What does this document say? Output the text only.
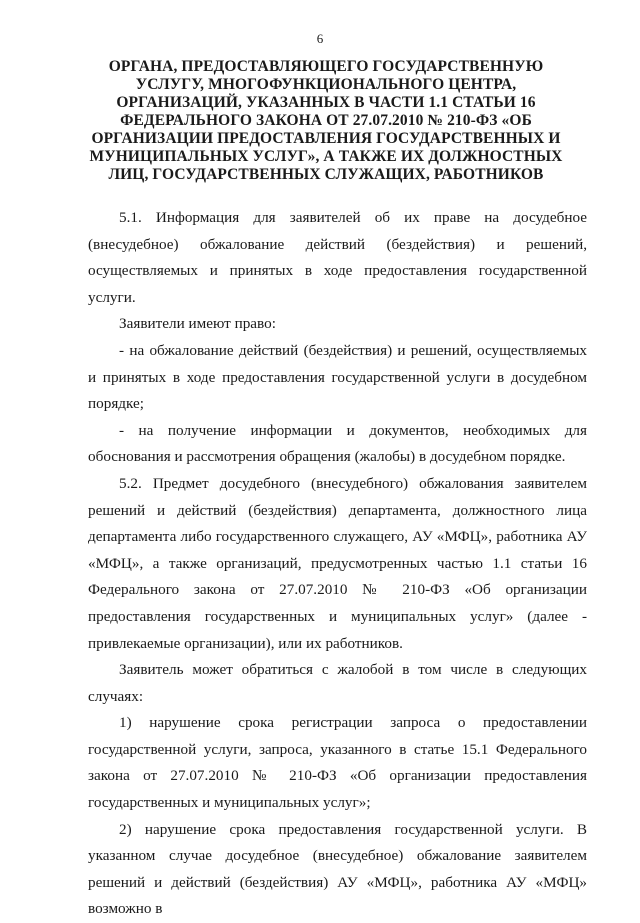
6
ОРГАНА, ПРЕДОСТАВЛЯЮЩЕГО ГОСУДАРСТВЕННУЮ УСЛУГУ, МНОГОФУНКЦИОНАЛЬНОГО ЦЕНТРА, ОРГАНИЗАЦИЙ, УКАЗАННЫХ В ЧАСТИ 1.1 СТАТЬИ 16 ФЕДЕРАЛЬНОГО ЗАКОНА ОТ 27.07.2010 № 210-ФЗ «ОБ ОРГАНИЗАЦИИ ПРЕДОСТАВЛЕНИЯ ГОСУДАРСТВЕННЫХ И МУНИЦИПАЛЬНЫХ УСЛУГ», А ТАКЖЕ ИХ ДОЛЖНОСТНЫХ ЛИЦ, ГОСУДАРСТВЕННЫХ СЛУЖАЩИХ, РАБОТНИКОВ

5.1. Информация для заявителей об их праве на досудебное (внесудебное) обжалование действий (бездействия) и решений, осуществляемых и принятых в ходе предоставления государственной услуги.

Заявители имеют право:

- на обжалование действий (бездействия) и решений, осуществляемых и принятых в ходе предоставления государственной услуги в досудебном порядке;

- на получение информации и документов, необходимых для обоснования и рассмотрения обращения (жалобы) в досудебном порядке.

5.2. Предмет досудебного (внесудебного) обжалования заявителем решений и действий (бездействия) департамента, должностного лица департамента либо государственного служащего, АУ «МФЦ», работника АУ «МФЦ», а также организаций, предусмотренных частью 1.1 статьи 16 Федерального закона от 27.07.2010 № 210-ФЗ «Об организации предоставления государственных и муниципальных услуг» (далее - привлекаемые организации), или их работников.

Заявитель может обратиться с жалобой в том числе в следующих случаях:

1) нарушение срока регистрации запроса о предоставлении государственной услуги, запроса, указанного в статье 15.1 Федерального закона от 27.07.2010 № 210-ФЗ «Об организации предоставления государственных и муниципальных услуг»;

2) нарушение срока предоставления государственной услуги. В указанном случае досудебное (внесудебное) обжалование заявителем решений и действий (бездействия) АУ «МФЦ», работника АУ «МФЦ» возможно в
